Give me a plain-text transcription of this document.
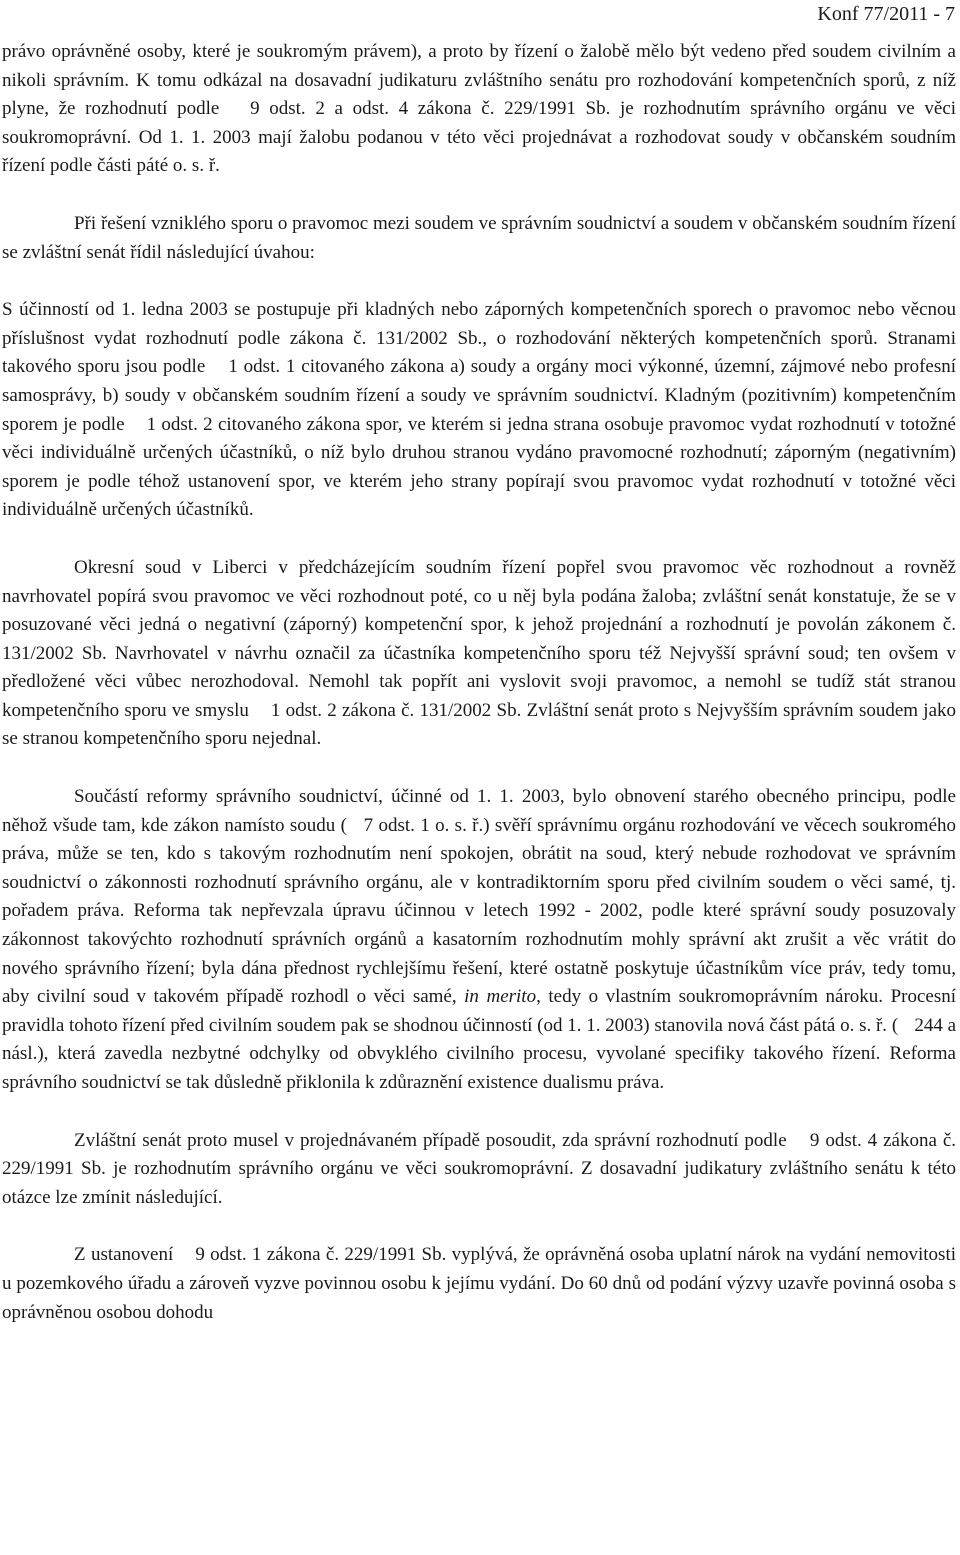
Konf 77/2011 - 7

právo oprávněné osoby, které je soukromým právem), a proto by řízení o žalobě mělo být vedeno před soudem civilním a nikoli správním. K tomu odkázal na dosavadní judikaturu zvláštního senátu pro rozhodování kompetenčních sporů, z níž plyne, že rozhodnutí podle 9 odst. 2 a odst. 4 zákona č. 229/1991 Sb. je rozhodnutím správního orgánu ve věci soukromoprávní. Od 1. 1. 2003 mají žalobu podanou v této věci projednávat a rozhodovat soudy v občanském soudním řízení podle části páté o. s. ř.

Při řešení vzniklého sporu o pravomoc mezi soudem ve správním soudnictví a soudem v občanském soudním řízení se zvláštní senát řídil následující úvahou:

S účinností od 1. ledna 2003 se postupuje při kladných nebo záporných kompetenčních sporech o pravomoc nebo věcnou příslušnost vydat rozhodnutí podle zákona č. 131/2002 Sb., o rozhodování některých kompetenčních sporů. Stranami takového sporu jsou podle 1 odst. 1 citovaného zákona a) soudy a orgány moci výkonné, územní, zájmové nebo profesní samosprávy, b) soudy v občanském soudním řízení a soudy ve správním soudnictví. Kladným (pozitivním) kompetenčním sporem je podle 1 odst. 2 citovaného zákona spor, ve kterém si jedna strana osobuje pravomoc vydat rozhodnutí v totožné věci individuálně určených účastníků, o níž bylo druhou stranou vydáno pravomocné rozhodnutí; záporným (negativním) sporem je podle téhož ustanovení spor, ve kterém jeho strany popírají svou pravomoc vydat rozhodnutí v totožné věci individuálně určených účastníků.

Okresní soud v Liberci v předcházejícím soudním řízení popřel svou pravomoc věc rozhodnout a rovněž navrhovatel popírá svou pravomoc ve věci rozhodnout poté, co u něj byla podána žaloba; zvláštní senát konstatuje, že se v posuzované věci jedná o negativní (záporný) kompetenční spor, k jehož projednání a rozhodnutí je povolán zákonem č. 131/2002 Sb. Navrhovatel v návrhu označil za účastníka kompetenčního sporu též Nejvyšší správní soud; ten ovšem v předložené věci vůbec nerozhodoval. Nemohl tak popřít ani vyslovit svoji pravomoc, a nemohl se tudíž stát stranou kompetenčního sporu ve smyslu 1 odst. 2 zákona č. 131/2002 Sb. Zvláštní senát proto s Nejvyšším správním soudem jako se stranou kompetenčního sporu nejednal.

Součástí reformy správního soudnictví, účinné od 1. 1. 2003, bylo obnovení starého obecného principu, podle něhož všude tam, kde zákon namísto soudu ( 7 odst. 1 o. s. ř.) svěří správnímu orgánu rozhodování ve věcech soukromého práva, může se ten, kdo s takovým rozhodnutím není spokojen, obrátit na soud, který nebude rozhodovat ve správním soudnictví o zákonnosti rozhodnutí správního orgánu, ale v kontradiktorním sporu před civilním soudem o věci samé, tj. pořadem práva. Reforma tak nepřevzala úpravu účinnou v letech 1992 - 2002, podle které správní soudy posuzovaly zákonnost takovýchto rozhodnutí správních orgánů a kasatorním rozhodnutím mohly správní akt zrušit a věc vrátit do nového správního řízení; byla dána přednost rychlejšímu řešení, které ostatně poskytuje účastníkům více práv, tedy tomu, aby civilní soud v takovém případě rozhodl o věci samé, in merito, tedy o vlastním soukromoprávním nároku. Procesní pravidla tohoto řízení před civilním soudem pak se shodnou účinností (od 1. 1. 2003) stanovila nová část pátá o. s. ř. ( 244 a násl.), která zavedla nezbytné odchylky od obvyklého civilního procesu, vyvolané specifiky takového řízení. Reforma správního soudnictví se tak důsledně přiklonila k zdůraznění existence dualismu práva.

Zvláštní senát proto musel v projednávaném případě posoudit, zda správní rozhodnutí podle 9 odst. 4 zákona č. 229/1991 Sb. je rozhodnutím správního orgánu ve věci soukromoprávní. Z dosavadní judikatury zvláštního senátu k této otázce lze zmínit následující.

Z ustanovení 9 odst. 1 zákona č. 229/1991 Sb. vyplývá, že oprávněná osoba uplatní nárok na vydání nemovitosti u pozemkového úřadu a zároveň vyzve povinnou osobu k jejímu vydání. Do 60 dnů od podání výzvy uzavře povinná osoba s oprávněnou osobou dohodu
